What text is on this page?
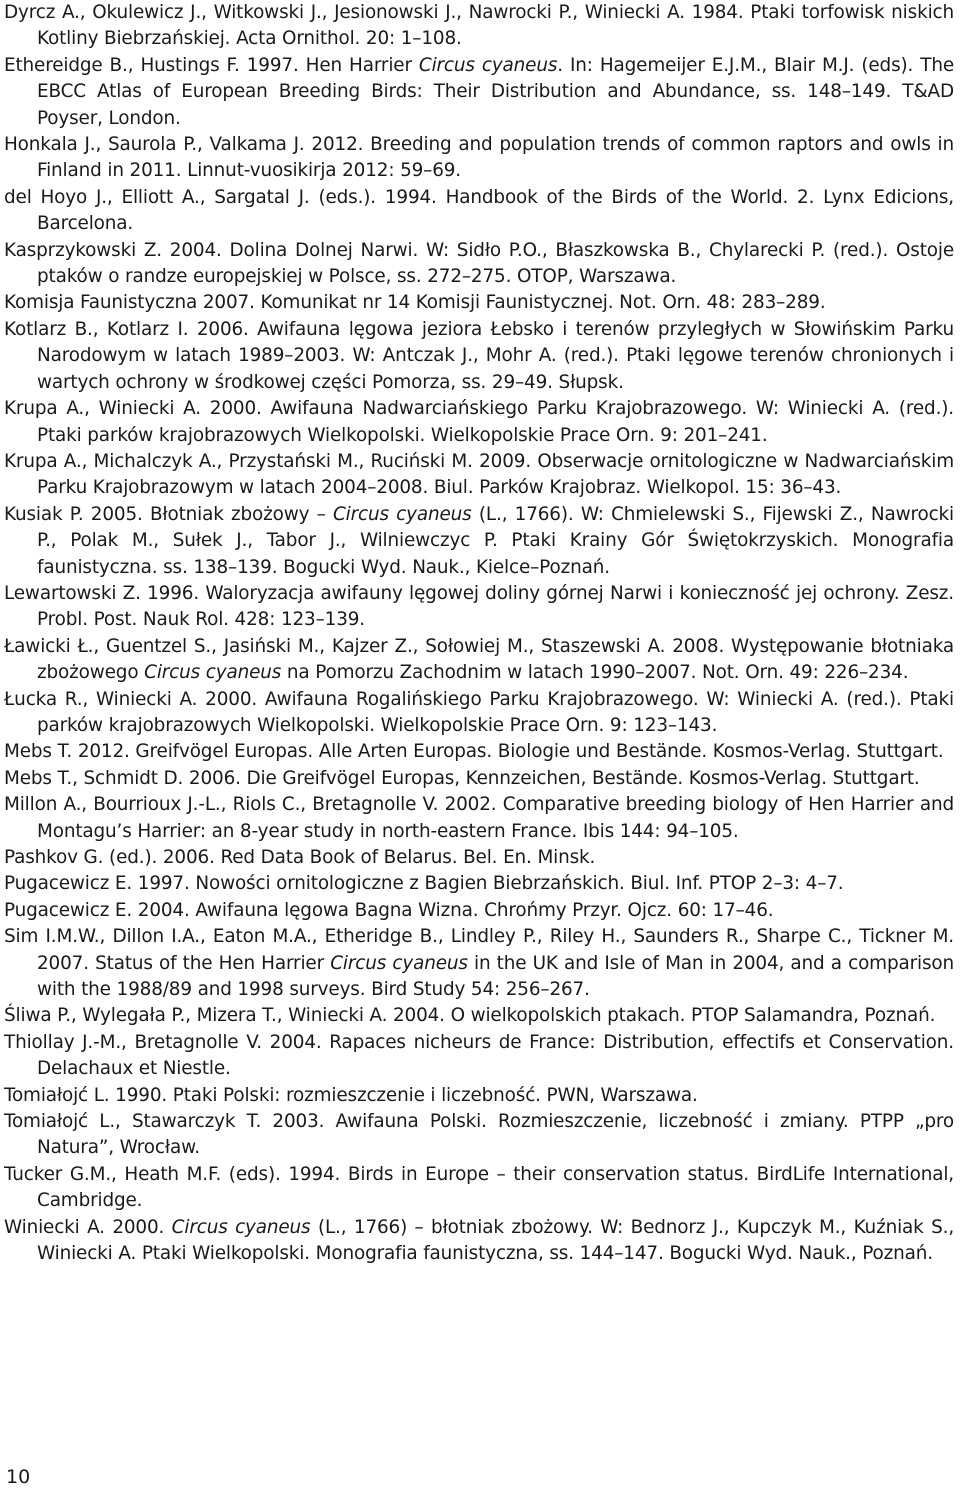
Dyrcz A., Okulewicz J., Witkowski J., Jesionowski J., Nawrocki P., Winiecki A. 1984. Ptaki torfowisk niskich Kotliny Biebrzańskiej. Acta Ornithol. 20: 1–108.

Ethereidge B., Hustings F. 1997. Hen Harrier Circus cyaneus. In: Hagemeijer E.J.M., Blair M.J. (eds). The EBCC Atlas of European Breeding Birds: Their Distribution and Abundance, ss. 148–149. T&AD Poyser, London.

Honkala J., Saurola P., Valkama J. 2012. Breeding and population trends of common raptors and owls in Finland in 2011. Linnut-vuosikirja 2012: 59–69.

del Hoyo J., Elliott A., Sargatal J. (eds.). 1994. Handbook of the Birds of the World. 2. Lynx Edicions, Barcelona.

Kasprzykowski Z. 2004. Dolina Dolnej Narwi. W: Sidło P.O., Błaszkowska B., Chylarecki P. (red.). Ostoje ptaków o randze europejskiej w Polsce, ss. 272–275. OTOP, Warszawa.

Komisja Faunistyczna 2007. Komunikat nr 14 Komisji Faunistycznej. Not. Orn. 48: 283–289.

Kotlarz B., Kotlarz I. 2006. Awifauna lęgowa jeziora Łebsko i terenów przyległych w Słowińskim Parku Narodowym w latach 1989–2003. W: Antczak J., Mohr A. (red.). Ptaki lęgowe terenów chronionych i wartych ochrony w środkowej części Pomorza, ss. 29–49. Słupsk.

Krupa A., Winiecki A. 2000. Awifauna Nadwarciańskiego Parku Krajobrazowego. W: Winiecki A. (red.). Ptaki parków krajobrazowych Wielkopolski. Wielkopolskie Prace Orn. 9: 201–241.

Krupa A., Michalczyk A., Przystański M., Ruciński M. 2009. Obserwacje ornitologiczne w Nadwarciańskim Parku Krajobrazowym w latach 2004–2008. Biul. Parków Krajobraz. Wielkopol. 15: 36–43.

Kusiak P. 2005. Błotniak zbożowy – Circus cyaneus (L., 1766). W: Chmielewski S., Fijewski Z., Nawrocki P., Polak M., Sułek J., Tabor J., Wilniewczyc P. Ptaki Krainy Gór Świętokrzyskich. Monografia faunistyczna. ss. 138–139. Bogucki Wyd. Nauk., Kielce–Poznań.

Lewartowski Z. 1996. Waloryzacja awifauny lęgowej doliny górnej Narwi i konieczność jej ochrony. Zesz. Probl. Post. Nauk Rol. 428: 123–139.

Ławicki Ł., Guentzel S., Jasiński M., Kajzer Z., Sołowiej M., Staszewski A. 2008. Występowanie błotniaka zbożowego Circus cyaneus na Pomorzu Zachodnim w latach 1990–2007. Not. Orn. 49: 226–234.

Łucka R., Winiecki A. 2000. Awifauna Rogalińskiego Parku Krajobrazowego. W: Winiecki A. (red.). Ptaki parków krajobrazowych Wielkopolski. Wielkopolskie Prace Orn. 9: 123–143.

Mebs T. 2012. Greifvögel Europas. Alle Arten Europas. Biologie und Bestände. Kosmos-Verlag. Stuttgart.

Mebs T., Schmidt D. 2006. Die Greifvögel Europas, Kennzeichen, Bestände. Kosmos-Verlag. Stuttgart.

Millon A., Bourrioux J.-L., Riols C., Bretagnolle V. 2002. Comparative breeding biology of Hen Harrier and Montagu’s Harrier: an 8-year study in north-eastern France. Ibis 144: 94–105.

Pashkov G. (ed.). 2006. Red Data Book of Belarus. Bel. En. Minsk.

Pugacewicz E. 1997. Nowości ornitologiczne z Bagien Biebrzańskich. Biul. Inf. PTOP 2–3: 4–7.

Pugacewicz E. 2004. Awifauna lęgowa Bagna Wizna. Chrońmy Przyr. Ojcz. 60: 17–46.

Sim I.M.W., Dillon I.A., Eaton M.A., Etheridge B., Lindley P., Riley H., Saunders R., Sharpe C., Tickner M. 2007. Status of the Hen Harrier Circus cyaneus in the UK and Isle of Man in 2004, and a comparison with the 1988/89 and 1998 surveys. Bird Study 54: 256–267.

Śliwa P., Wylegała P., Mizera T., Winiecki A. 2004. O wielkopolskich ptakach. PTOP Salamandra, Poznań.

Thiollay J.-M., Bretagnolle V. 2004. Rapaces nicheurs de France: Distribution, effectifs et Conservation. Delachaux et Niestle.

Tomiałojć L. 1990. Ptaki Polski: rozmieszczenie i liczebność. PWN, Warszawa.

Tomiałojć L., Stawarczyk T. 2003. Awifauna Polski. Rozmieszczenie, liczebność i zmiany. PTPP „pro Natura”, Wrocław.

Tucker G.M., Heath M.F. (eds). 1994. Birds in Europe – their conservation status. BirdLife International, Cambridge.

Winiecki A. 2000. Circus cyaneus (L., 1766) – błotniak zbożowy. W: Bednorz J., Kupczyk M., Kuźniak S., Winiecki A. Ptaki Wielkopolski. Monografia faunistyczna, ss. 144–147. Bogucki Wyd. Nauk., Poznań.

10
